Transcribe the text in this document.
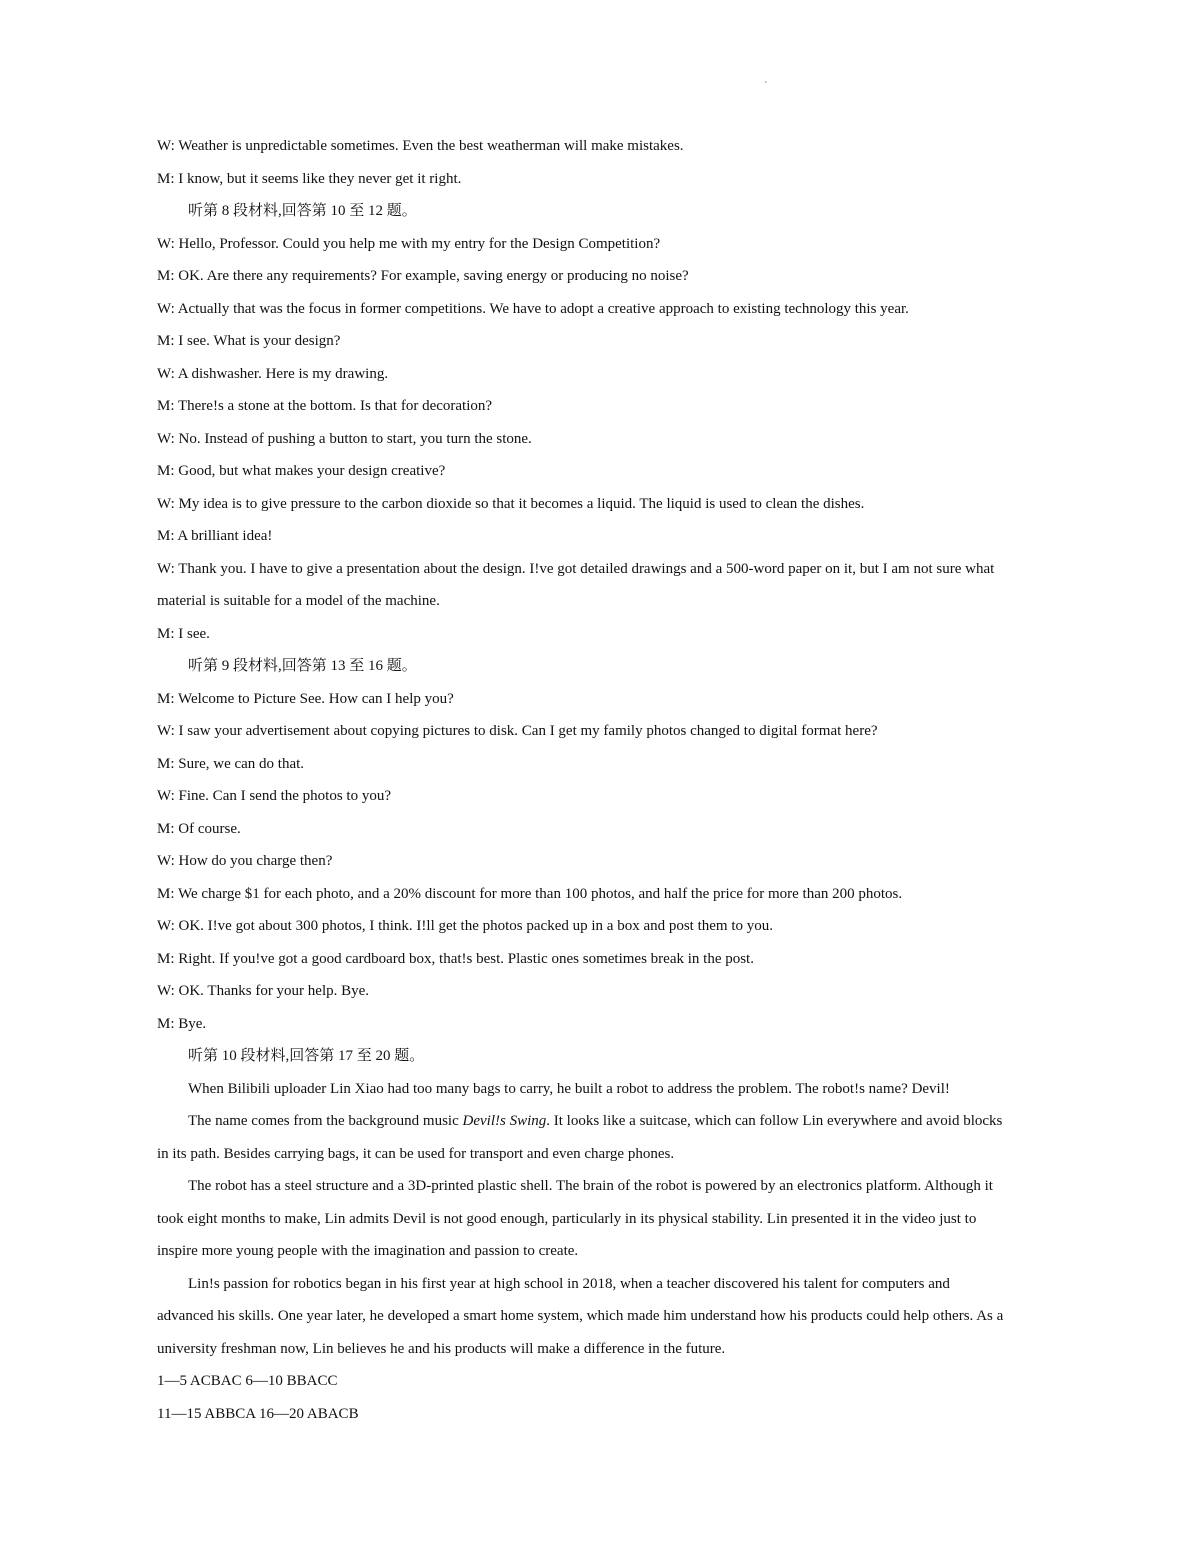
'

W: Weather is unpredictable sometimes. Even the best weatherman will make mistakes.

M: I know, but it seems like they never get it right.

听第 8 段材料,回答第 10 至 12 题。

W: Hello, Professor. Could you help me with my entry for the Design Competition?

M: OK. Are there any requirements? For example, saving energy or producing no noise?

W: Actually that was the focus in former competitions. We have to adopt a creative approach to existing technology this year.

M: I see. What is your design?

W: A dishwasher. Here is my drawing.

M: There!s a stone at the bottom. Is that for decoration?

W: No. Instead of pushing a button to start, you turn the stone.

M: Good, but what makes your design creative?

W: My idea is to give pressure to the carbon dioxide so that it becomes a liquid. The liquid is used to clean the dishes.

M: A brilliant idea!

W: Thank you. I have to give a presentation about the design. I!ve got detailed drawings and a 500-word paper on it, but I am not sure what

material is suitable for a model of the machine.

M: I see.

听第 9 段材料,回答第 13 至 16 题。

M: Welcome to Picture See. How can I help you?

W: I saw your advertisement about copying pictures to disk. Can I get my family photos changed to digital format here?

M: Sure, we can do that.

W: Fine. Can I send the photos to you?

M: Of course.

W: How do you charge then?

M: We charge $1 for each photo, and a 20% discount for more than 100 photos, and half the price for more than 200 photos.

W: OK. I!ve got about 300 photos, I think. I!ll get the photos packed up in a box and post them to you.

M: Right. If you!ve got a good cardboard box, that!s best. Plastic ones sometimes break in the post.

W: OK. Thanks for your help. Bye.

M: Bye.

听第 10 段材料,回答第 17 至 20 题。

When Bilibili uploader Lin Xiao had too many bags to carry, he built a robot to address the problem. The robot!s name? Devil!

The name comes from the background music Devil!s Swing. It looks like a suitcase, which can follow Lin everywhere and avoid blocks

in its path. Besides carrying bags, it can be used for transport and even charge phones.

The robot has a steel structure and a 3D-printed plastic shell. The brain of the robot is powered by an electronics platform. Although it

took eight months to make, Lin admits Devil is not good enough, particularly in its physical stability. Lin presented it in the video just to

inspire more young people with the imagination and passion to create.

Lin!s passion for robotics began in his first year at high school in 2018, when a teacher discovered his talent for computers and

advanced his skills. One year later, he developed a smart home system, which made him understand how his products could help others. As a

university freshman now, Lin believes he and his products will make a difference in the future.

1—5 ACBAC 6—10 BBACC

11—15 ABBCA 16—20 ABACB
